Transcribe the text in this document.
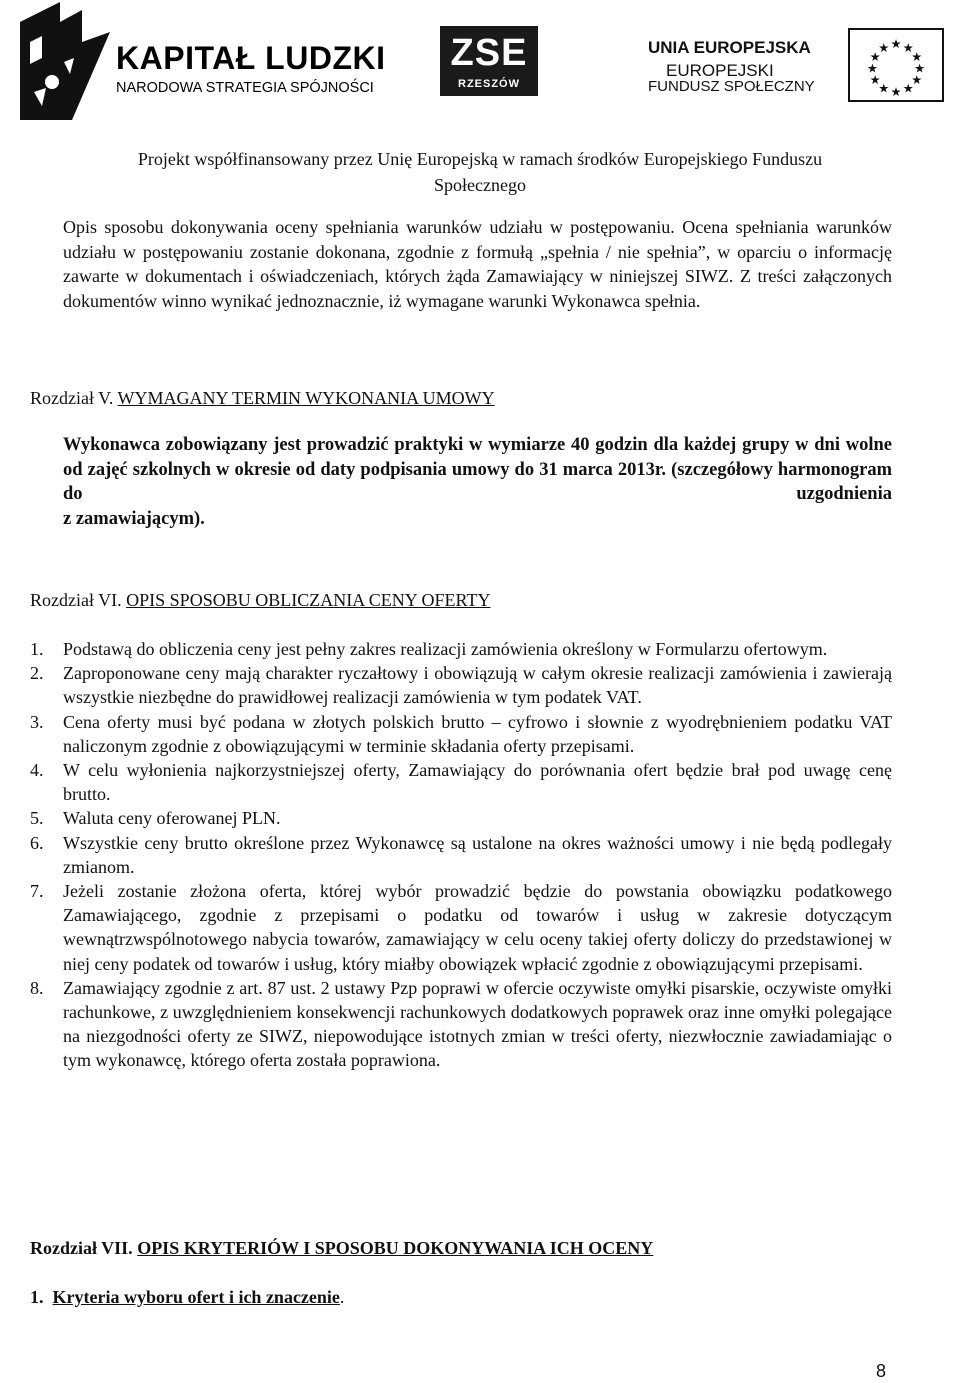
KAPITAŁ LUDZKI
NARODOWA STRATEGIA SPÓJNOŚCI
ZSE
RZESZÓW
UNIA EUROPEJSKA
EUROPEJSKI
FUNDUSZ SPOŁECZNY
★ ★
★
★
★
★
★
★
★
★
★
★
Projekt współfinansowany przez Unię Europejską w ramach środków Europejskiego Funduszu
Społecznego
Opis sposobu dokonywania oceny spełniania warunków udziału w postępowaniu. Ocena spełniania warunków udziału w postępowaniu zostanie dokonana, zgodnie z formułą „spełnia / nie spełnia”, w oparciu o informację zawarte w dokumentach i oświadczeniach, których żąda Zamawiający w niniejszej SIWZ. Z treści załączonych dokumentów winno wynikać jednoznacznie, iż wymagane warunki Wykonawca spełnia.
Rozdział V. WYMAGANY TERMIN WYKONANIA UMOWY
Wykonawca zobowiązany jest prowadzić praktyki w wymiarze 40 godzin dla każdej grupy w dni wolne od zajęć szkolnych w okresie od daty podpisania umowy do 31 marca 2013r. (szczegółowy harmonogram do uzgodnienia
z zamawiającym).
Rozdział VI. OPIS SPOSOBU OBLICZANIA CENY OFERTY
1. Podstawą do obliczenia ceny jest pełny zakres realizacji zamówienia określony w Formularzu ofertowym.
2. Zaproponowane ceny mają charakter ryczałtowy i obowiązują w całym okresie realizacji zamówienia i zawierają wszystkie niezbędne do prawidłowej realizacji zamówienia w tym podatek VAT.
3. Cena oferty musi być podana w złotych polskich brutto – cyfrowo i słownie z wyodrębnieniem podatku VAT naliczonym zgodnie z obowiązującymi w terminie składania oferty przepisami.
4. W celu wyłonienia najkorzystniejszej oferty, Zamawiający do porównania ofert będzie brał pod uwagę cenę brutto.
5. Waluta ceny oferowanej PLN.
6. Wszystkie ceny brutto określone przez Wykonawcę są ustalone na okres ważności umowy i nie będą podlegały zmianom.
7. Jeżeli zostanie złożona oferta, której wybór prowadzić będzie do powstania obowiązku podatkowego Zamawiającego, zgodnie z przepisami o podatku od towarów i usług w zakresie dotyczącym wewnątrzwspólnotowego nabycia towarów, zamawiający w celu oceny takiej oferty doliczy do przedstawionej w niej ceny podatek od towarów i usług, który miałby obowiązek wpłacić zgodnie z obowiązującymi przepisami.
8. Zamawiający zgodnie z art. 87 ust. 2 ustawy Pzp poprawi w ofercie oczywiste omyłki pisarskie, oczywiste omyłki rachunkowe, z uwzględnieniem konsekwencji rachunkowych dodatkowych poprawek oraz inne omyłki polegające na niezgodności oferty ze SIWZ, niepowodujące istotnych zmian w treści oferty, niezwłocznie zawiadamiając o tym wykonawcę, którego oferta została poprawiona.
Rozdział VII. OPIS KRYTERIÓW I SPOSOBU DOKONYWANIA ICH OCENY
1. Kryteria wyboru ofert i ich znaczenie.
8
